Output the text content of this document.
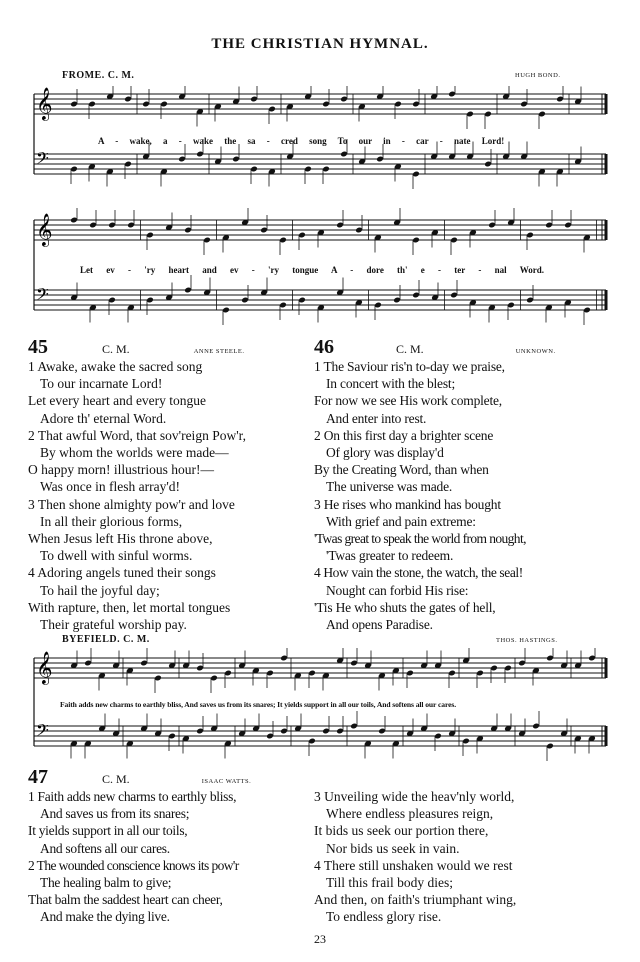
THE CHRISTIAN HYMNAL.
FROME. C. M.	HUGH BOND.
𝄞
𝄢
A - wake, a - wake the sa - cred song To our in - car - nate Lord!
𝄞
𝄢
Let ev - 'ry heart and ev - 'ry tongue A - dore th' e - ter - nal Word.
45	C. M.	ANNE STEELE.
1 Awake, awake the sacred song
To our incarnate Lord!
Let every heart and every tongue
Adore th' eternal Word.
2 That awful Word, that sov'reign Pow'r,
By whom the worlds were made—
O happy morn! illustrious hour!—
Was once in flesh array'd!
3 Then shone almighty pow'r and love
In all their glorious forms,
When Jesus left His throne above,
To dwell with sinful worms.
4 Adoring angels tuned their songs
To hail the joyful day;
With rapture, then, let mortal tongues
Their grateful worship pay.
46	C. M.	UNKNOWN.
1 The Saviour ris'n to-day we praise,
In concert with the blest;
For now we see His work complete,
And enter into rest.
2 On this first day a brighter scene
Of glory was display'd
By the Creating Word, than when
The universe was made.
3 He rises who mankind has bought
With grief and pain extreme:
'Twas great to speak the world from nought,
'Twas greater to redeem.
4 How vain the stone, the watch, the seal!
Nought can forbid His rise:
'Tis He who shuts the gates of hell,
And opens Paradise.
BYEFIELD. C. M.	THOS. HASTINGS.
𝄞
𝄢
Faith adds new charms to earthly bliss, And saves us from its snares; It yields support in all our toils, And softens all our cares.
47	C. M.	ISAAC WATTS.
1 Faith adds new charms to earthly bliss,
And saves us from its snares;
It yields support in all our toils,
And softens all our cares.
2 The wounded conscience knows its pow'r
The healing balm to give;
That balm the saddest heart can cheer,
And make the dying live.
3 Unveiling wide the heav'nly world,
Where endless pleasures reign,
It bids us seek our portion there,
Nor bids us seek in vain.
4 There still unshaken would we rest
Till this frail body dies;
And then, on faith's triumphant wing,
To endless glory rise.
23
